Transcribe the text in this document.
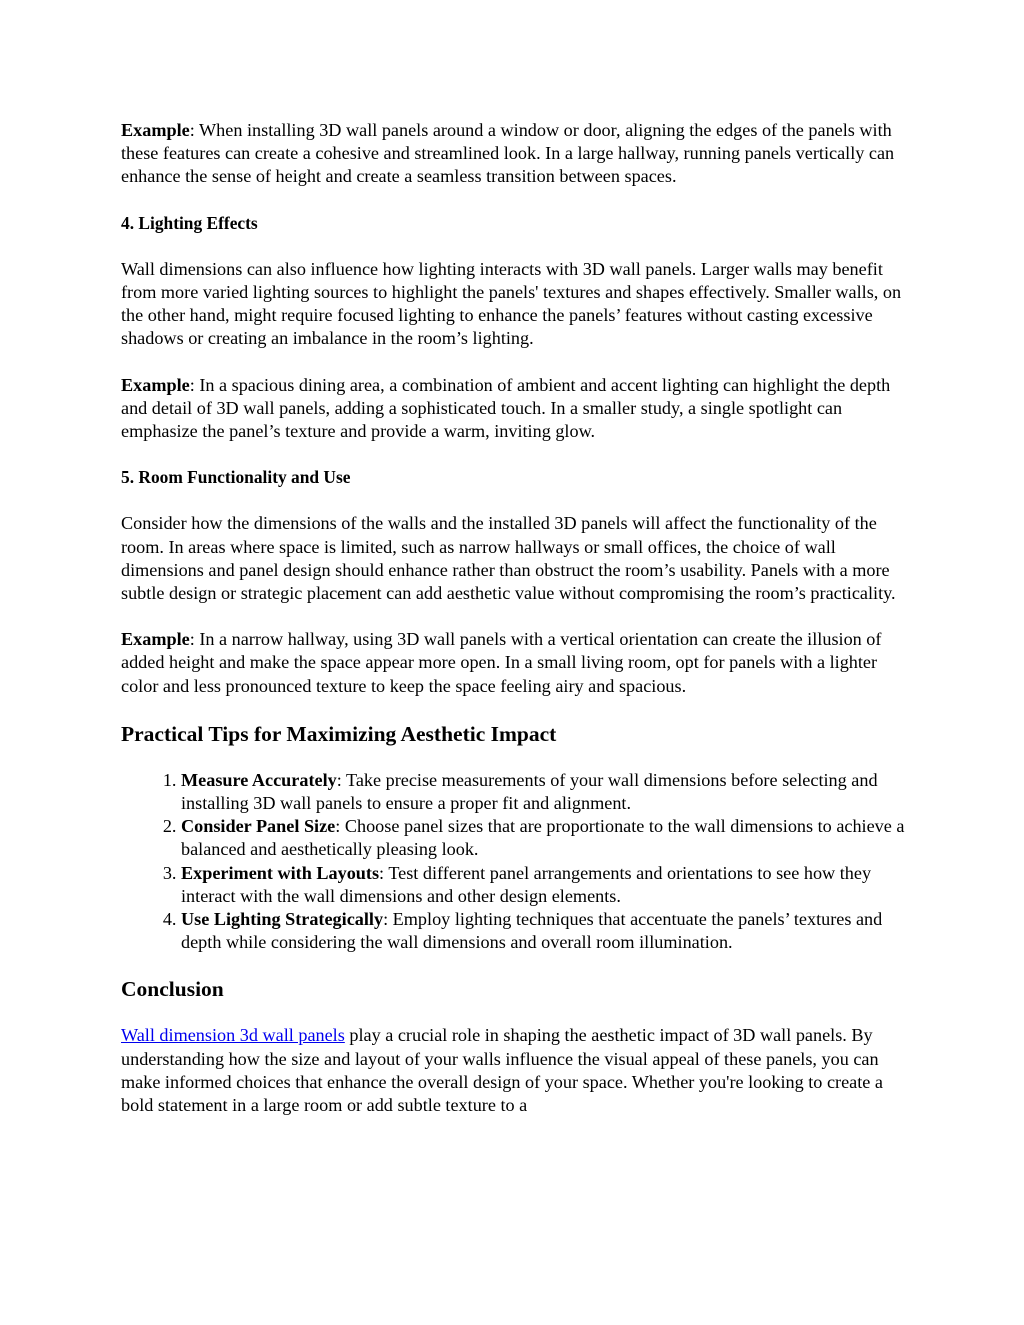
Example: When installing 3D wall panels around a window or door, aligning the edges of the panels with these features can create a cohesive and streamlined look. In a large hallway, running panels vertically can enhance the sense of height and create a seamless transition between spaces.

4. Lighting Effects

Wall dimensions can also influence how lighting interacts with 3D wall panels. Larger walls may benefit from more varied lighting sources to highlight the panels' textures and shapes effectively. Smaller walls, on the other hand, might require focused lighting to enhance the panels’ features without casting excessive shadows or creating an imbalance in the room’s lighting.

Example: In a spacious dining area, a combination of ambient and accent lighting can highlight the depth and detail of 3D wall panels, adding a sophisticated touch. In a smaller study, a single spotlight can emphasize the panel’s texture and provide a warm, inviting glow.

5. Room Functionality and Use

Consider how the dimensions of the walls and the installed 3D panels will affect the functionality of the room. In areas where space is limited, such as narrow hallways or small offices, the choice of wall dimensions and panel design should enhance rather than obstruct the room’s usability. Panels with a more subtle design or strategic placement can add aesthetic value without compromising the room’s practicality.

Example: In a narrow hallway, using 3D wall panels with a vertical orientation can create the illusion of added height and make the space appear more open. In a small living room, opt for panels with a lighter color and less pronounced texture to keep the space feeling airy and spacious.

Practical Tips for Maximizing Aesthetic Impact
1. Measure Accurately: Take precise measurements of your wall dimensions before selecting and installing 3D wall panels to ensure a proper fit and alignment.
2. Consider Panel Size: Choose panel sizes that are proportionate to the wall dimensions to achieve a balanced and aesthetically pleasing look.
3. Experiment with Layouts: Test different panel arrangements and orientations to see how they interact with the wall dimensions and other design elements.
4. Use Lighting Strategically: Employ lighting techniques that accentuate the panels’ textures and depth while considering the wall dimensions and overall room illumination.
Conclusion

Wall dimension 3d wall panels play a crucial role in shaping the aesthetic impact of 3D wall panels. By understanding how the size and layout of your walls influence the visual appeal of these panels, you can make informed choices that enhance the overall design of your space. Whether you're looking to create a bold statement in a large room or add subtle texture to a
